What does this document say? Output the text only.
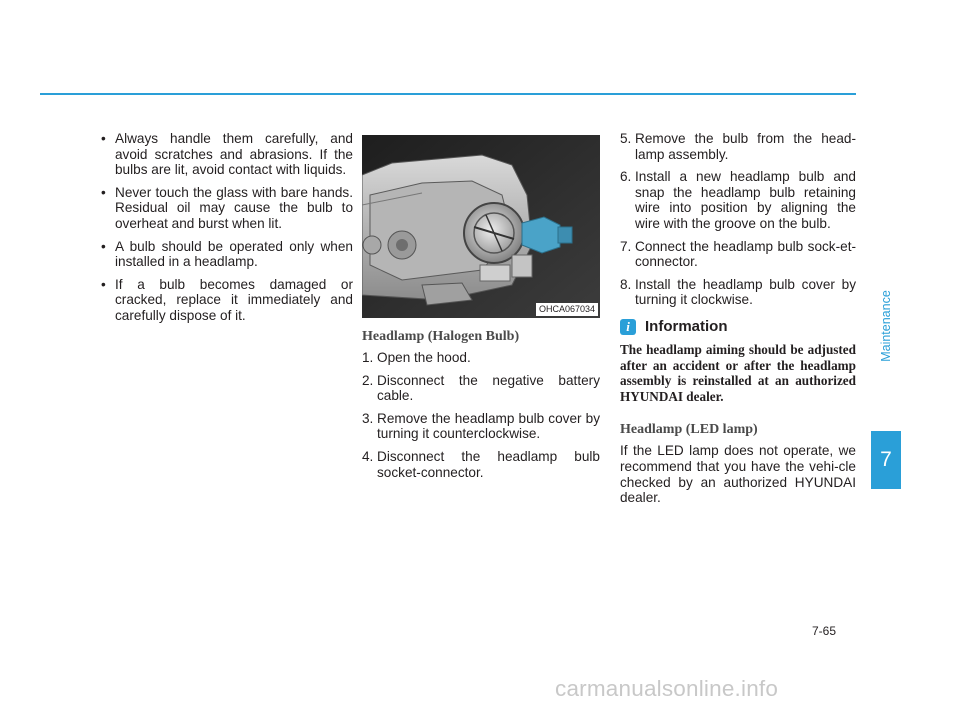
• Always handle them carefully, and avoid scratches and abrasions. If the bulbs are lit, avoid contact with liquids.
• Never touch the glass with bare hands. Residual oil may cause the bulb to overheat and burst when lit.
• A bulb should be operated only when installed in a headlamp.
• If a bulb becomes damaged or cracked, replace it immediately and carefully dispose of it.	OHCA067034
Headlamp (Halogen Bulb)
1. Open the hood.
2. Disconnect the negative battery cable.
3. Remove the headlamp bulb cover by turning it counterclockwise.
4. Disconnect the headlamp bulb socket-connector.
5. Remove the bulb from the head-lamp assembly.
6. Install a new headlamp bulb and snap the headlamp bulb retaining wire into position by aligning the wire with the groove on the bulb.
7. Connect the headlamp bulb sock-et-connector.
8. Install the headlamp bulb cover by turning it clockwise.
i	Information
The headlamp aiming should be adjusted after an accident or after the headlamp assembly is reinstalled at an authorized HYUNDAI dealer.
Headlamp (LED lamp)
If the LED lamp does not operate, we recommend that you have the vehi-cle checked by an authorized HYUNDAI dealer.
Maintenance
7
7-65
carmanualsonline.info
